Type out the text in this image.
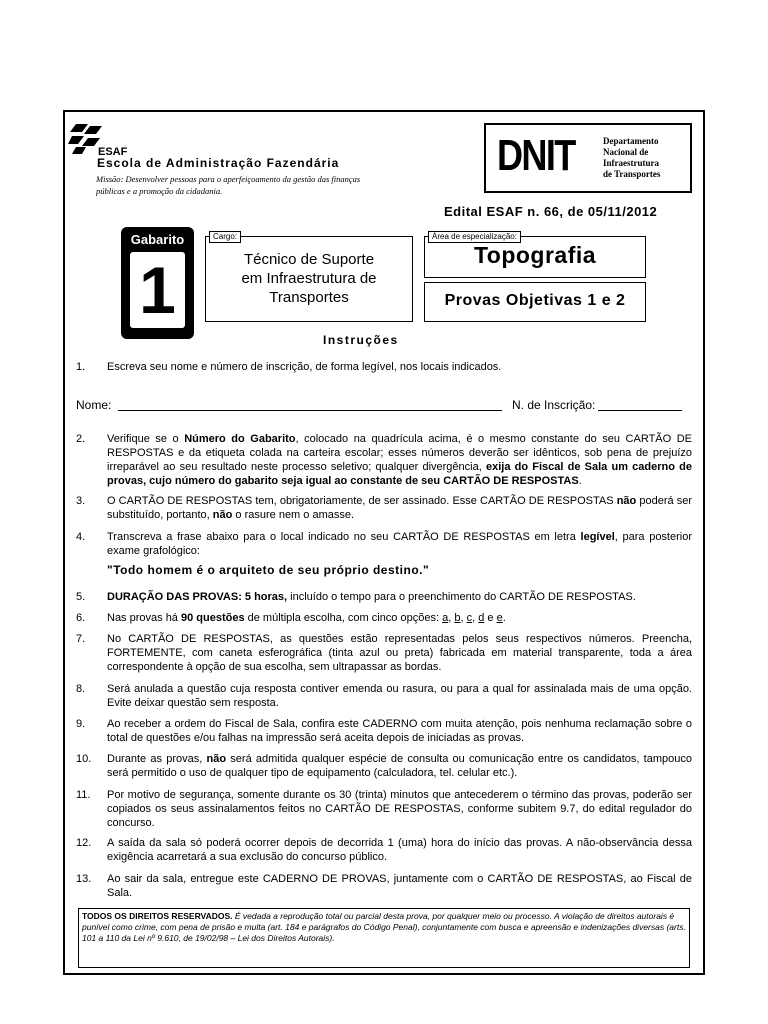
ESAF
Escola de Administração Fazendária
Missão: Desenvolver pessoas para o aperfeiçoamento da gestão das finanças públicas e a promoção da cidadania.
DNIT	Departamento
Nacional de
Infraestrutura
de Transportes
Edital ESAF n. 66, de 05/11/2012
Gabarito
1
Cargo:
Técnico de Suporte
em Infraestrutura de
Transportes
Área de especialização:
Topografia
Provas Objetivas 1 e 2
Instruções
1.	Escreva seu nome e número de inscrição, de forma legível, nos locais indicados.
Nome:	N. de Inscrição:
2.	Verifique se o Número do Gabarito, colocado na quadrícula acima, é o mesmo constante do seu CARTÃO DE RESPOSTAS e da etiqueta colada na carteira escolar; esses números deverão ser idênticos, sob pena de prejuízo irreparável ao seu resultado neste processo seletivo; qualquer divergência, exija do Fiscal de Sala um caderno de provas, cujo número do gabarito seja igual ao constante de seu CARTÃO DE RESPOSTAS.
3.	O CARTÃO DE RESPOSTAS tem, obrigatoriamente, de ser assinado. Esse CARTÃO DE RESPOSTAS não poderá ser substituído, portanto, não o rasure nem o amasse.
4.	Transcreva a frase abaixo para o local indicado no seu CARTÃO DE RESPOSTAS em letra legível, para posterior exame grafológico:
"Todo homem é o arquiteto de seu próprio destino."
5.	DURAÇÃO DAS PROVAS: 5 horas, incluído o tempo para o preenchimento do CARTÃO DE RESPOSTAS.
6.	Nas provas há 90 questões de múltipla escolha, com cinco opções: a, b, c, d e e.
7.	No CARTÃO DE RESPOSTAS, as questões estão representadas pelos seus respectivos números. Preencha, FORTEMENTE, com caneta esferográfica (tinta azul ou preta) fabricada em material transparente, toda a área correspondente à opção de sua escolha, sem ultrapassar as bordas.
8.	Será anulada a questão cuja resposta contiver emenda ou rasura, ou para a qual for assinalada mais de uma opção. Evite deixar questão sem resposta.
9.	Ao receber a ordem do Fiscal de Sala, confira este CADERNO com muita atenção, pois nenhuma reclamação sobre o total de questões e/ou falhas na impressão será aceita depois de iniciadas as provas.
10.	Durante as provas, não será admitida qualquer espécie de consulta ou comunicação entre os candidatos, tampouco será permitido o uso de qualquer tipo de equipamento (calculadora, tel. celular etc.).
11.	Por motivo de segurança, somente durante os 30 (trinta) minutos que antecederem o término das provas, poderão ser copiados os seus assinalamentos feitos no CARTÃO DE RESPOSTAS, conforme subitem 9.7, do edital regulador do concurso.
12.	A saída da sala só poderá ocorrer depois de decorrida 1 (uma) hora do início das provas. A não-observância dessa exigência acarretará a sua exclusão do concurso público.
13.	Ao sair da sala, entregue este CADERNO DE PROVAS, juntamente com o CARTÃO DE RESPOSTAS, ao Fiscal de Sala.
TODOS OS DIREITOS RESERVADOS. É vedada a reprodução total ou parcial desta prova, por qualquer meio ou processo. A violação de direitos autorais é punível como crime, com pena de prisão e multa (art. 184 e parágrafos do Código Penal), conjuntamente com busca e apreensão e indenizações diversas (arts. 101 a 110 da Lei nº 9.610, de 19/02/98 – Lei dos Direitos Autorais).
